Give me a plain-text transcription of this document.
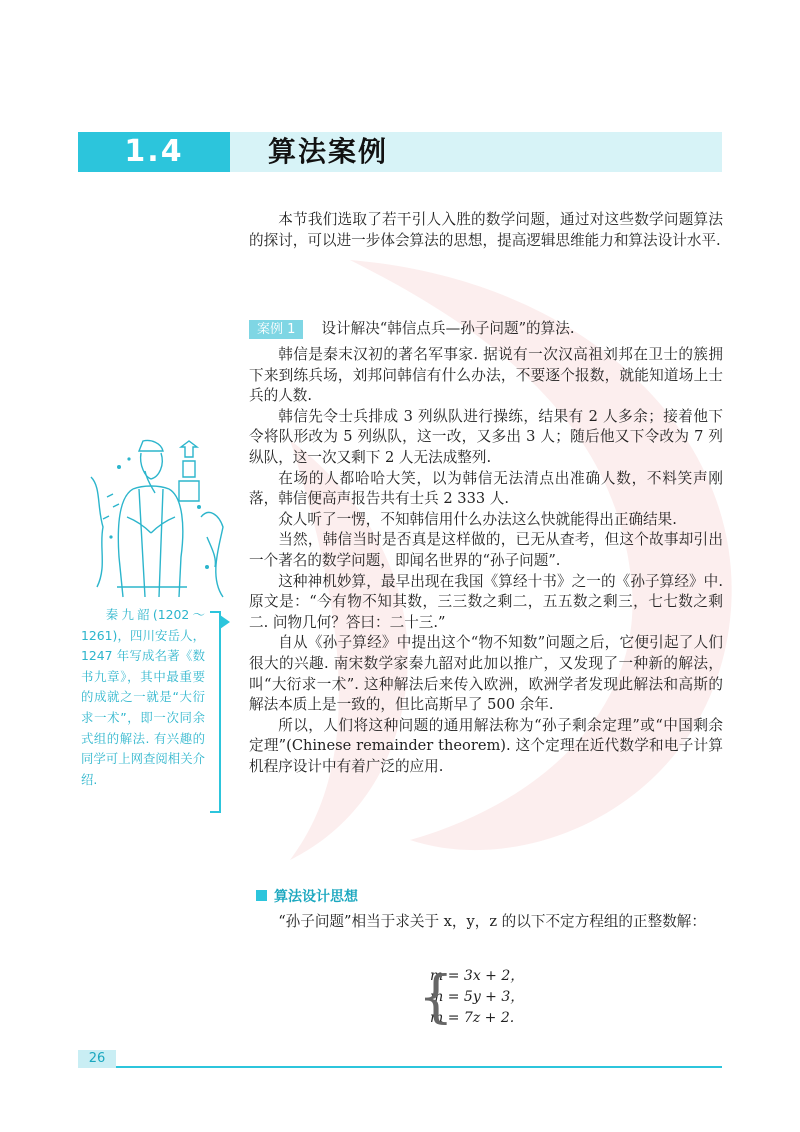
1.4	算法案例

本节我们选取了若干引人入胜的数学问题，通过对这些数学问题算法的探讨，可以进一步体会算法的思想，提高逻辑思维能力和算法设计水平.

案例 1 设计解决“韩信点兵—孙子问题”的算法.

韩信是秦末汉初的著名军事家. 据说有一次汉高祖刘邦在卫士的簇拥下来到练兵场，刘邦问韩信有什么办法，不要逐个报数，就能知道场上士兵的人数.

韩信先令士兵排成 3 列纵队进行操练，结果有 2 人多余；接着他下令将队形改为 5 列纵队，这一改，又多出 3 人；随后他又下令改为 7 列纵队，这一次又剩下 2 人无法成整列.

在场的人都哈哈大笑，以为韩信无法清点出准确人数，不料笑声刚落，韩信便高声报告共有士兵 2 333 人.

众人听了一愣，不知韩信用什么办法这么快就能得出正确结果.

当然，韩信当时是否真是这样做的，已无从查考，但这个故事却引出一个著名的数学问题，即闻名世界的“孙子问题”.

这种神机妙算，最早出现在我国《算经十书》之一的《孙子算经》中. 原文是：“今有物不知其数，三三数之剩二，五五数之剩三，七七数之剩二. 问物几何？答曰：二十三.”

自从《孙子算经》中提出这个“物不知数”问题之后，它便引起了人们很大的兴趣. 南宋数学家秦九韶对此加以推广，又发现了一种新的解法，叫“大衍求一术”. 这种解法后来传入欧洲，欧洲学者发现此解法和高斯的解法本质上是一致的，但比高斯早了 500 余年.

所以，人们将这种问题的通用解法称为“孙子剩余定理”或“中国剩余定理”(Chinese remainder theorem). 这个定理在近代数学和电子计算机程序设计中有着广泛的应用.

算法设计思想

“孙子问题”相当于求关于 x，y，z 的以下不定方程组的正整数解：

{
m = 3x + 2，
m = 5y + 3，
m = 7z + 2.
秦九韶(1202～1261)，四川安岳人，1247 年写成名著《数书九章》，其中最重要的成就之一就是“大衍求一术”，即一次同余式组的解法. 有兴趣的同学可上网查阅相关介绍.
26
